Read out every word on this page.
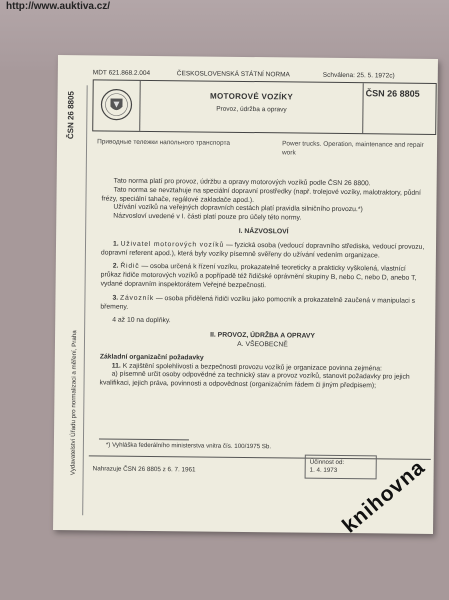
http://www.auktiva.cz/
MDT 621.868.2.004	ČESKOSLOVENSKÁ STÁTNÍ NORMA	Schválena: 25. 5. 1972c)
MOTOROVÉ VOZÍKY
Provoz, údržba a opravy
ČSN 26 8805
ČSN 26 8805
Vydavatelství Úřadu pro normalizaci a měření, Praha
Приводные тележки напольного транспорта	Power trucks. Operation, maintenance and repair work

Tato norma platí pro provoz, údržbu a opravy motorových vozíků podle ČSN 26 8800.

Tato norma se nevztahuje na speciální dopravní prostředky (např. trolejové vozíky, malotraktory, půdní frézy, speciální tahače, regálové zakladače apod.).

Užívání vozíků na veřejných dopravních cestách platí pravidla silničního provozu.*)

Názvosloví uvedené v I. části platí pouze pro účely této normy.

I. NÁZVOSLOVÍ

1. Uživatel motorových vozíků — fyzická osoba (vedoucí dopravního střediska, vedoucí provozu, dopravní referent apod.), která byly vozíky písemně svěřeny do užívání vedením organizace.

2. Řidič — osoba určená k řízení vozíku, prokazatelně teoreticky a prakticky vyškolená, vlastnící průkaz řidiče motorových vozíků a popřípadě též řidičské oprávnění skupiny B, nebo C, nebo D, anebo T, vydané dopravním inspektorátem Veřejné bezpečnosti.

3. Závozník — osoba přidělená řidiči vozíku jako pomocník a prokazatelně zaučená v manipulaci s břemeny.

4 až 10 na doplňky.

II. PROVOZ, ÚDRŽBA A OPRAVY

A. VŠEOBECNĚ

Základní organizační požadavky

11. K zajištění spolehlivosti a bezpečnosti provozu vozíků je organizace povinna zejména:

a) písemně určit osoby odpovědné za technický stav a provoz vozíků, stanovit požadavky pro jejich kvalifikaci, jejich práva, povinnosti a odpovědnost (organizačním řádem či jiným předpisem);

*) Vyhláška federálního ministerstva vnitra čís. 100/1975 Sb.
Nahrazuje ČSN 26 8805 z 6. 7. 1961
Účinnost od:
1. 4. 1973 knihovna
